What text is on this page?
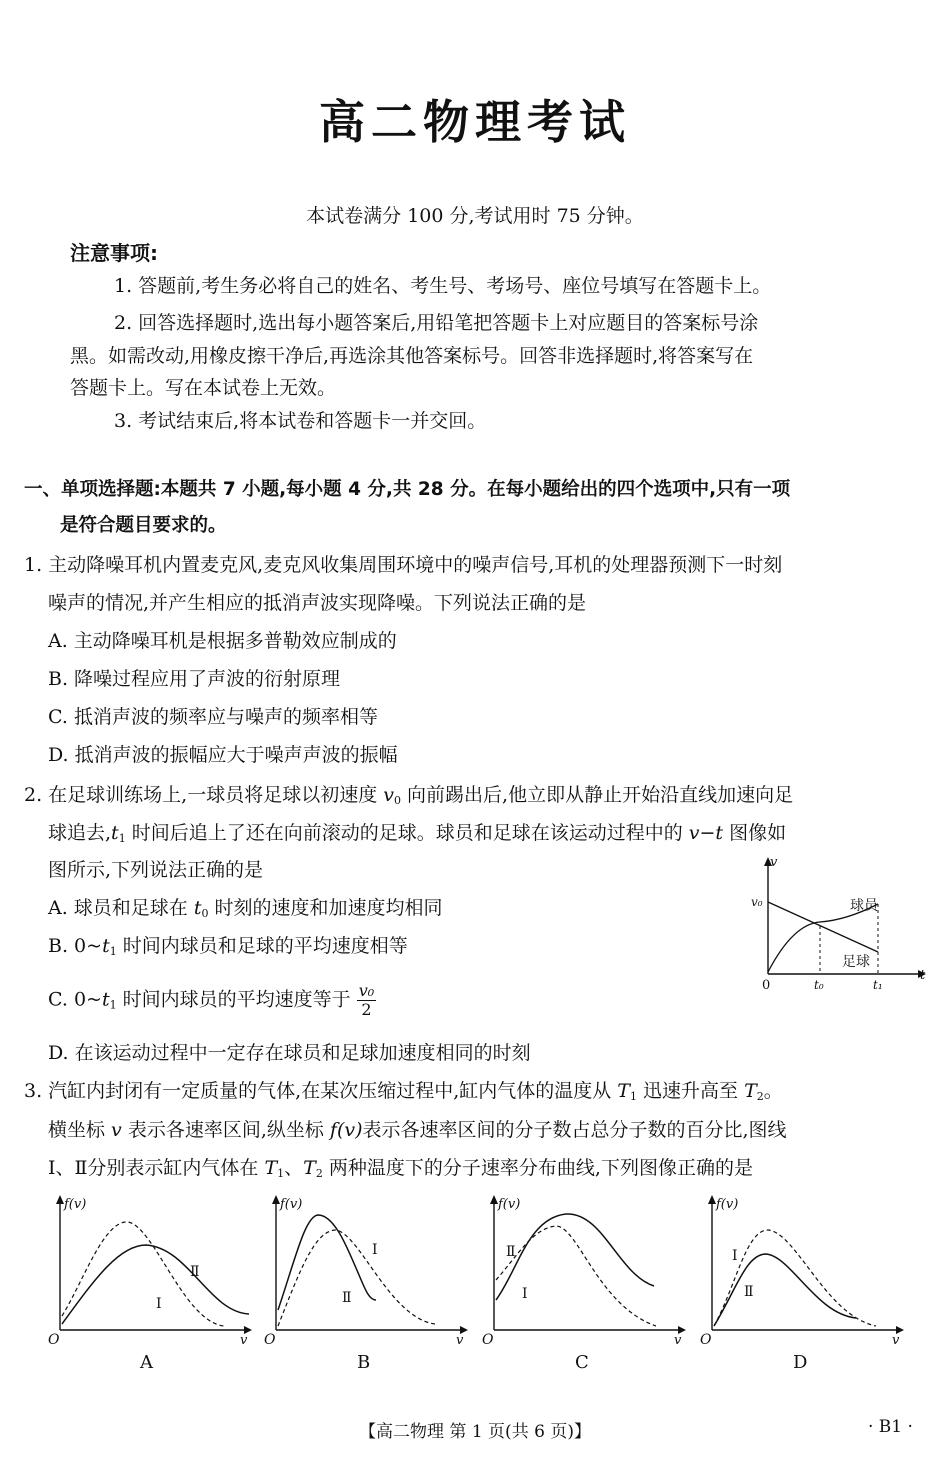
高二物理考试
本试卷满分 100 分,考试用时 75 分钟。
注意事项:
1. 答题前,考生务必将自己的姓名、考生号、考场号、座位号填写在答题卡上。
2. 回答选择题时,选出每小题答案后,用铅笔把答题卡上对应题目的答案标号涂
黑。如需改动,用橡皮擦干净后,再选涂其他答案标号。回答非选择题时,将答案写在
答题卡上。写在本试卷上无效。
3. 考试结束后,将本试卷和答题卡一并交回。
一、单项选择题:本题共 7 小题,每小题 4 分,共 28 分。在每小题给出的四个选项中,只有一项
是符合题目要求的。
1. 主动降噪耳机内置麦克风,麦克风收集周围环境中的噪声信号,耳机的处理器预测下一时刻
噪声的情况,并产生相应的抵消声波实现降噪。下列说法正确的是
A. 主动降噪耳机是根据多普勒效应制成的
B. 降噪过程应用了声波的衍射原理
C. 抵消声波的频率应与噪声的频率相等
D. 抵消声波的振幅应大于噪声声波的振幅
2. 在足球训练场上,一球员将足球以初速度 $v_0$ 向前踢出后,他立即从静止开始沿直线加速向足
球追去$,t_1$ 时间后追上了还在向前滚动的足球。球员和足球在该运动过程中的 v−t 图像如
图所示,下列说法正确的是
A. 球员和足球在 $t_0$ 时刻的速度和加速度均相同
B. $0\sim t_1$ 时间内球员和足球的平均速度相等
C. $0\sim t_1$ 时间内球员的平均速度等于 $\frac{\text{v₀}}{2}$
D. 在该运动过程中一定存在球员和足球加速度相同的时刻
v
t
0
v₀
t₀	t₁
球员
足球
3. 汽缸内封闭有一定质量的气体,在某次压缩过程中,缸内气体的温度从 $T_1$ 迅速升高至 $T_2$。
横坐标 v 表示各速率区间,纵坐标 f(v)表示各速率区间的分子数占总分子数的百分比,图线
Ⅰ、Ⅱ分别表示缸内气体在 $T_1$、$T_2$ 两种温度下的分子速率分布曲线,下列图像正确的是
f(v)
O	v
Ⅰ
Ⅱ
A
f(v)
O	v
Ⅰ
Ⅱ
B
f(v)
O	v
Ⅰ
Ⅱ
C
f(v)
O	v
Ⅰ
Ⅱ
D
【高二物理 第 1 页(共 6 页)】	· B1 ·
